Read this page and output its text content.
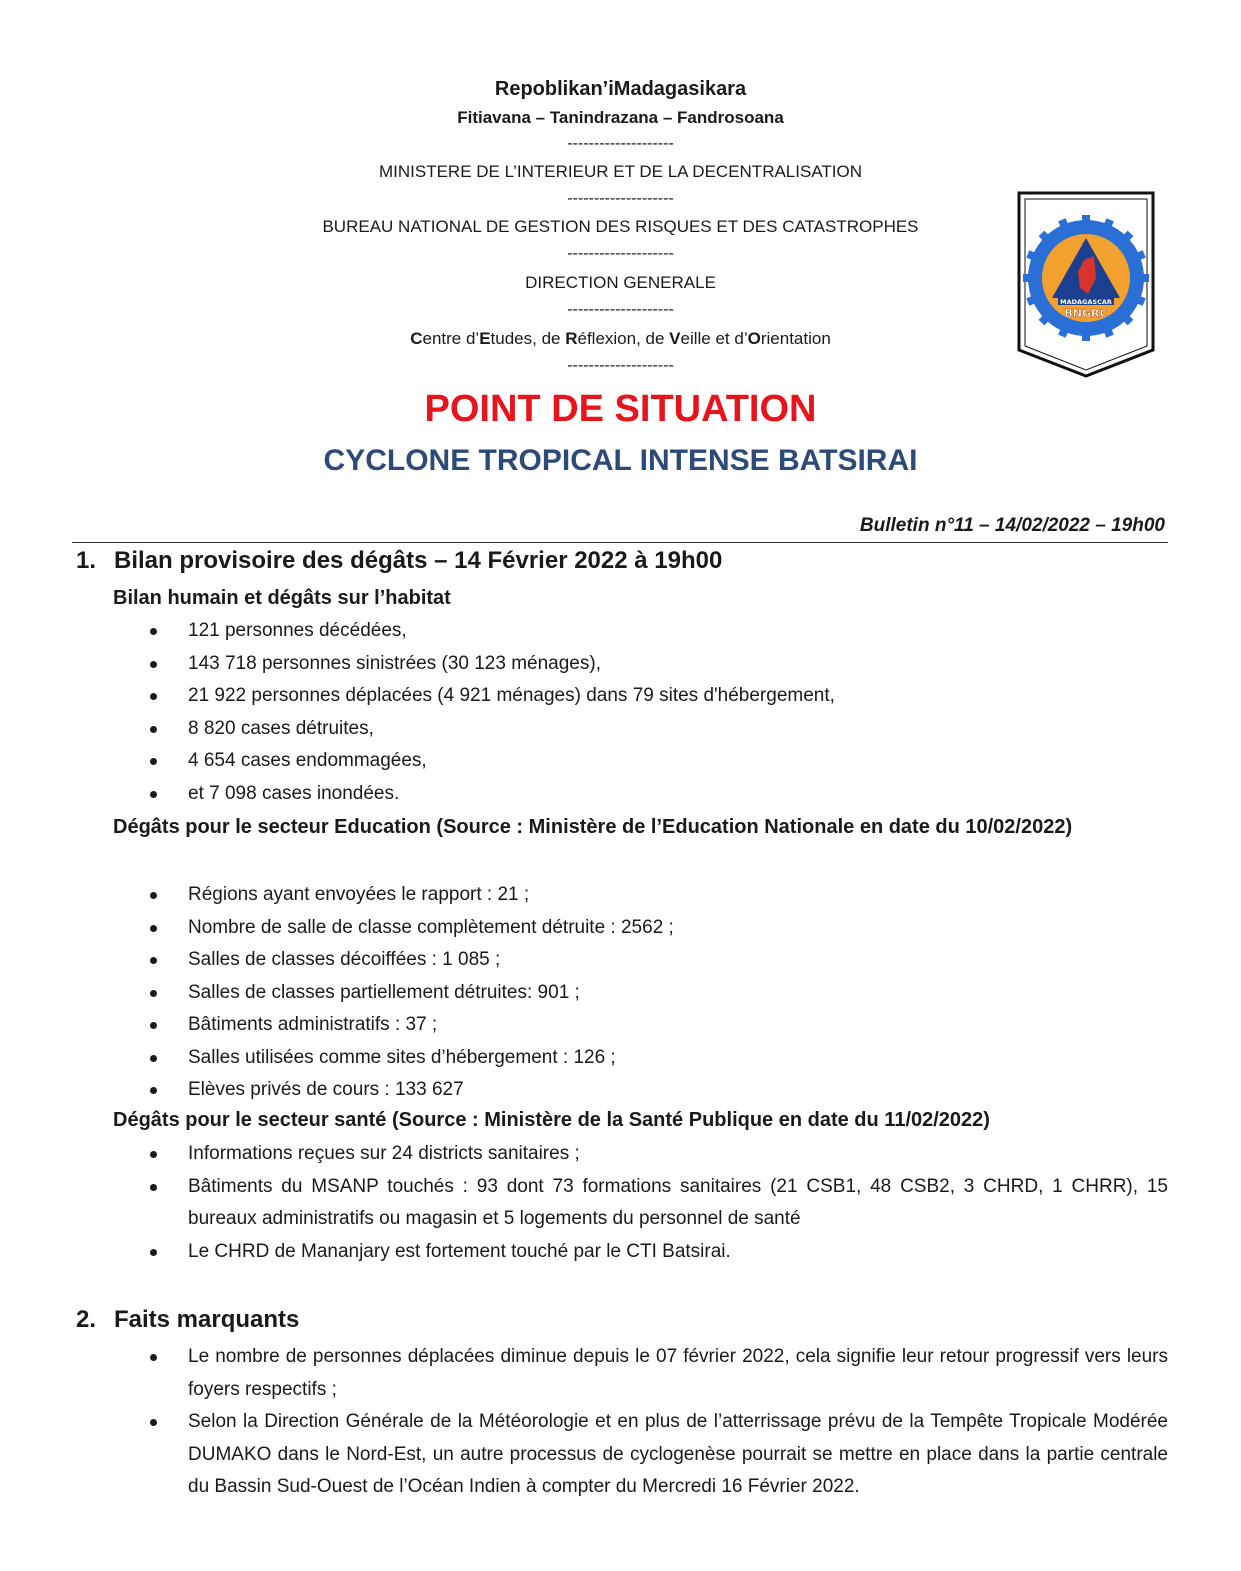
Repoblikan’iMadagasikara
Fitiavana – Tanindrazana – Fandrosoana
--------------------
MINISTERE DE L’INTERIEUR ET DE LA DECENTRALISATION
--------------------
BUREAU NATIONAL DE GESTION DES RISQUES ET DES CATASTROPHES
--------------------
DIRECTION GENERALE
--------------------
Centre d’Etudes, de Réflexion, de Veille et d’Orientation
--------------------
MADAGASCAR
BNGRC
POINT DE SITUATION
CYCLONE TROPICAL INTENSE BATSIRAI
Bulletin n°11 – 14/02/2022 – 19h00
1. Bilan provisoire des dégâts – 14 Février 2022 à 19h00
Bilan humain et dégâts sur l’habitat
121 personnes décédées,
143 718 personnes sinistrées (30 123 ménages),
21 922 personnes déplacées (4 921 ménages) dans 79 sites d'hébergement,
8 820 cases détruites,
4 654 cases endommagées,
et 7 098 cases inondées.
Dégâts pour le secteur Education (Source : Ministère de l’Education Nationale en date du 10/02/2022)
Régions ayant envoyées le rapport : 21 ;
Nombre de salle de classe complètement détruite : 2562 ;
Salles de classes décoiffées : 1 085 ;
Salles de classes partiellement détruites: 901 ;
Bâtiments administratifs : 37 ;
Salles utilisées comme sites d’hébergement : 126 ;
Elèves privés de cours : 133 627
Dégâts pour le secteur santé (Source : Ministère de la Santé Publique en date du 11/02/2022)
Informations reçues sur 24 districts sanitaires ;
Bâtiments du MSANP touchés : 93 dont 73 formations sanitaires (21 CSB1, 48 CSB2, 3 CHRD, 1 CHRR), 15 bureaux administratifs ou magasin et 5 logements du personnel de santé
Le CHRD de Mananjary est fortement touché par le CTI Batsirai.
2. Faits marquants
Le nombre de personnes déplacées diminue depuis le 07 février 2022, cela signifie leur retour progressif vers leurs foyers respectifs ;
Selon la Direction Générale de la Météorologie et en plus de l’atterrissage prévu de la Tempête Tropicale Modérée DUMAKO dans le Nord-Est, un autre processus de cyclogenèse pourrait se mettre en place dans la partie centrale du Bassin Sud-Ouest de l’Océan Indien à compter du Mercredi 16 Février 2022.
